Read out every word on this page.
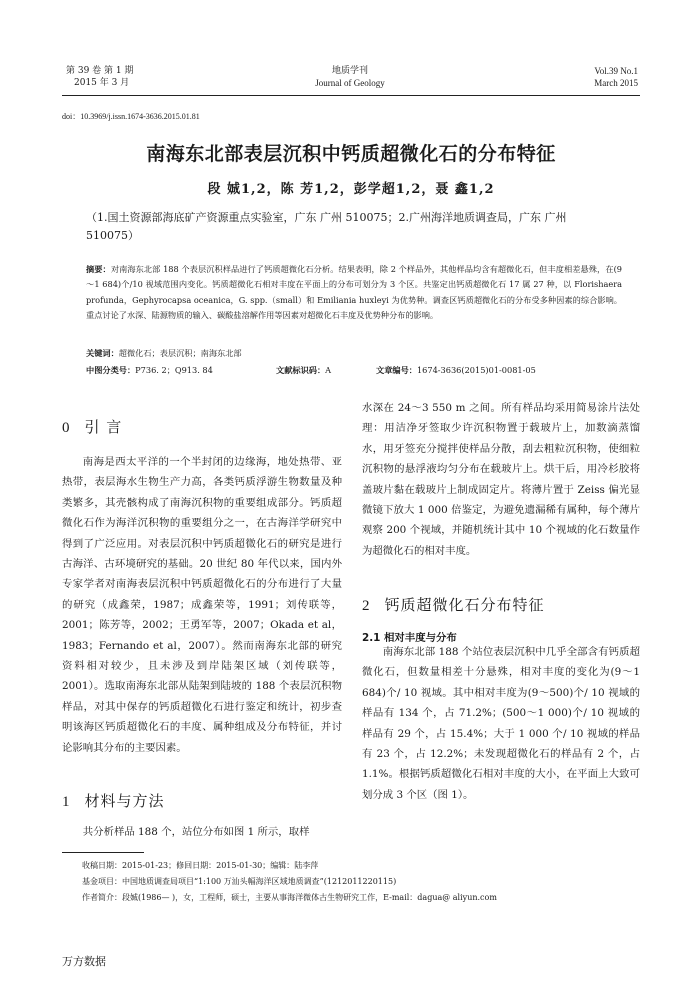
第 39 卷 第 1 期
2015 年 3 月
地质学刊
Journal of Geology
Vol.39 No.1
March 2015
doi：10.3969/j.issn.1674-3636.2015.01.81
南海东北部表层沉积中钙质超微化石的分布特征
段 娍1,2，陈 芳1,2，彭学超1,2，聂 鑫1,2
（1.国土资源部海底矿产资源重点实验室，广东 广州 510075；2.广州海洋地质调查局，广东 广州
510075）
摘要：对南海东北部 188 个表层沉积样品进行了钙质超微化石分析。结果表明，除 2 个样品外，其他样品均含有超微化石，但丰度相差悬殊，在(9～1 684)个/10 视域范围内变化。钙质超微化石相对丰度在平面上的分布可划分为 3 个区。共鉴定出钙质超微化石 17 属 27 种，以 Florishaera profunda，Gephyrocapsa oceanica，G. spp.（small）和 Emiliania huxleyi 为优势种。调查区钙质超微化石的分布受多种因素的综合影响。重点讨论了水深、陆源物质的输入、碳酸盐溶解作用等因素对超微化石丰度及优势种分布的影响。
关键词：超微化石；表层沉积；南海东北部
中图分类号：P736. 2；Q913. 84	文献标识码：A	文章编号：1674-3636(2015)01-0081-05
0 引 言
南海是西太平洋的一个半封闭的边缘海，地处热带、亚热带，表层海水生物生产力高，各类钙质浮游生物数量及种类繁多，其壳骸构成了南海沉积物的重要组成部分。钙质超微化石作为海洋沉积物的重要组分之一，在古海洋学研究中得到了广泛应用。对表层沉积中钙质超微化石的研究是进行古海洋、古环境研究的基础。20 世纪 80 年代以来，国内外专家学者对南海表层沉积中钙质超微化石的分布进行了大量的研究（成鑫荣，1987；成鑫荣等，1991；刘传联等，2001；陈芳等，2002；王勇军等，2007；Okada et al，1983；Fernando et al，2007）。然而南海东北部的研究资料相对较少，且未涉及到岸陆架区域（刘传联等，2001）。选取南海东北部从陆架到陆坡的 188 个表层沉积物样品，对其中保存的钙质超微化石进行鉴定和统计，初步查明该海区钙质超微化石的丰度、属种组成及分布特征，并讨论影响其分布的主要因素。
1 材料与方法
共分析样品 188 个，站位分布如图 1 所示，取样
水深在 24～3 550 m 之间。所有样品均采用简易涂片法处理：用洁净牙签取少许沉积物置于载玻片上，加数滴蒸馏水，用牙签充分搅拌使样品分散，刮去粗粒沉积物，使细粒沉积物的悬浮液均匀分布在载玻片上。烘干后，用冷杉胶将盖玻片黏在载玻片上制成固定片。将薄片置于 Zeiss 偏光显微镜下放大 1 000 倍鉴定，为避免遗漏稀有属种，每个薄片观察 200 个视域，并随机统计其中 10 个视域的化石数量作为超微化石的相对丰度。
2 钙质超微化石分布特征
2.1 相对丰度与分布
南海东北部 188 个站位表层沉积中几乎全部含有钙质超微化石，但数量相差十分悬殊，相对丰度的变化为(9～1 684)个/ 10 视域。其中相对丰度为(9～500)个/ 10 视域的样品有 134 个，占 71.2%；(500～1 000)个/ 10 视域的样品有 29 个，占 15.4%；大于 1 000 个/ 10 视域的样品有 23 个，占 12.2%；未发现超微化石的样品有 2 个，占 1.1%。根据钙质超微化石相对丰度的大小，在平面上大致可划分成 3 个区（图 1）。
收稿日期：2015-01-23；修回日期：2015-01-30；编辑：陆李萍
基金项目：中国地质调查局项目“1:100 万汕头幅海洋区域地质调查”(1212011220115)
作者简介：段娍(1986— )，女，工程师，硕士，主要从事海洋微体古生物研究工作，E-mail：dagua@ aliyun.com
万方数据
